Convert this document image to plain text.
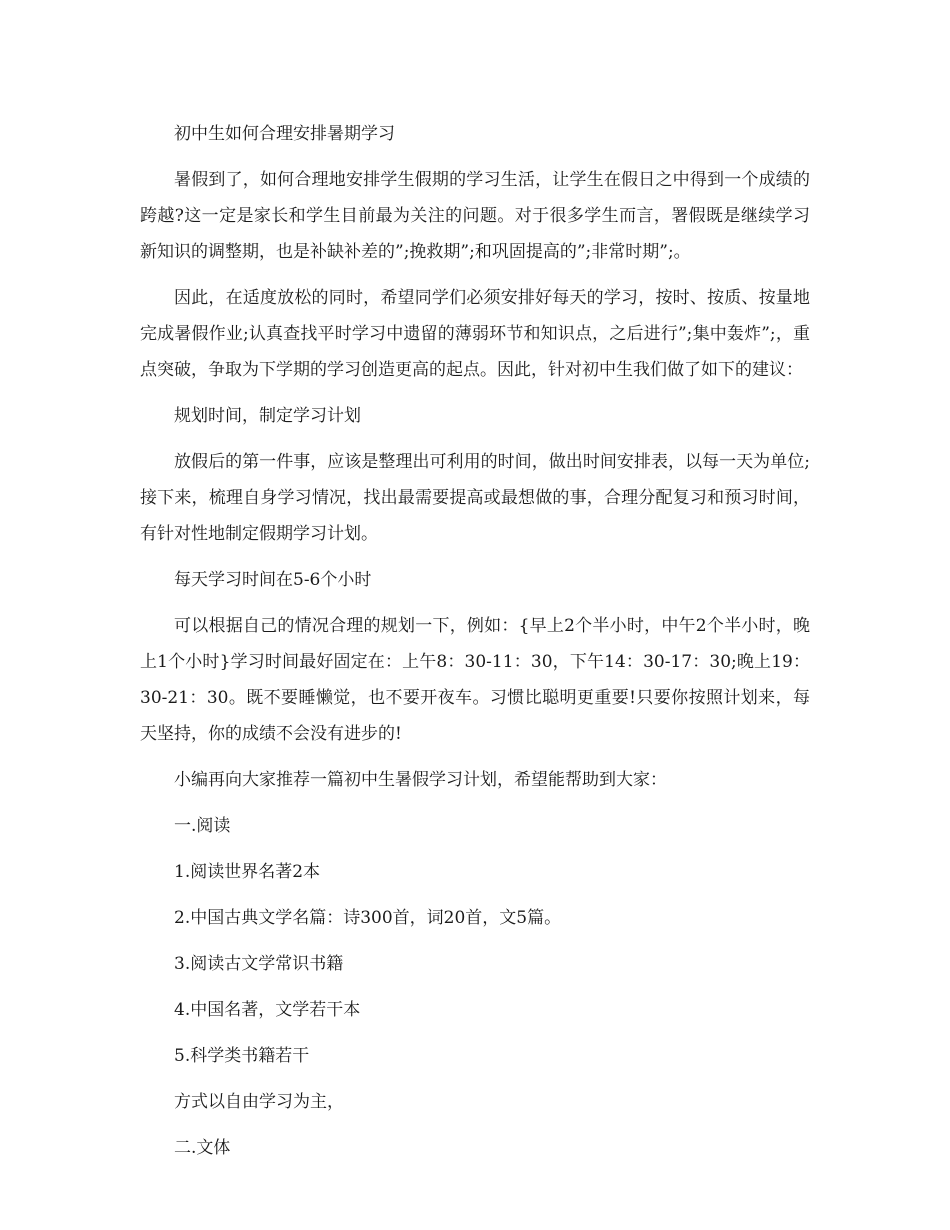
初中生如何合理安排暑期学习

暑假到了，如何合理地安排学生假期的学习生活，让学生在假日之中得到一个成绩的跨越?这一定是家长和学生目前最为关注的问题。对于很多学生而言，署假既是继续学习新知识的调整期，也是补缺补差的”;挽救期”;和巩固提高的”;非常时期”;。

因此，在适度放松的同时，希望同学们必须安排好每天的学习，按时、按质、按量地完成暑假作业;认真查找平时学习中遗留的薄弱环节和知识点，之后进行”;集中轰炸”;，重点突破，争取为下学期的学习创造更高的起点。因此，针对初中生我们做了如下的建议：

规划时间，制定学习计划

放假后的第一件事，应该是整理出可利用的时间，做出时间安排表，以每一天为单位;接下来，梳理自身学习情况，找出最需要提高或最想做的事，合理分配复习和预习时间，有针对性地制定假期学习计划。

每天学习时间在5-6个小时

可以根据自己的情况合理的规划一下，例如：{早上2个半小时，中午2个半小时，晚上1个小时}学习时间最好固定在：上午8：30-11：30，下午14：30-17：30;晚上19：30-21：30。既不要睡懒觉，也不要开夜车。习惯比聪明更重要!只要你按照计划来，每天坚持，你的成绩不会没有进步的!

小编再向大家推荐一篇初中生暑假学习计划，希望能帮助到大家：

一.阅读

1.阅读世界名著2本

2.中国古典文学名篇：诗300首，词20首，文5篇。

3.阅读古文学常识书籍

4.中国名著，文学若干本

5.科学类书籍若干

方式以自由学习为主，

二.文体
